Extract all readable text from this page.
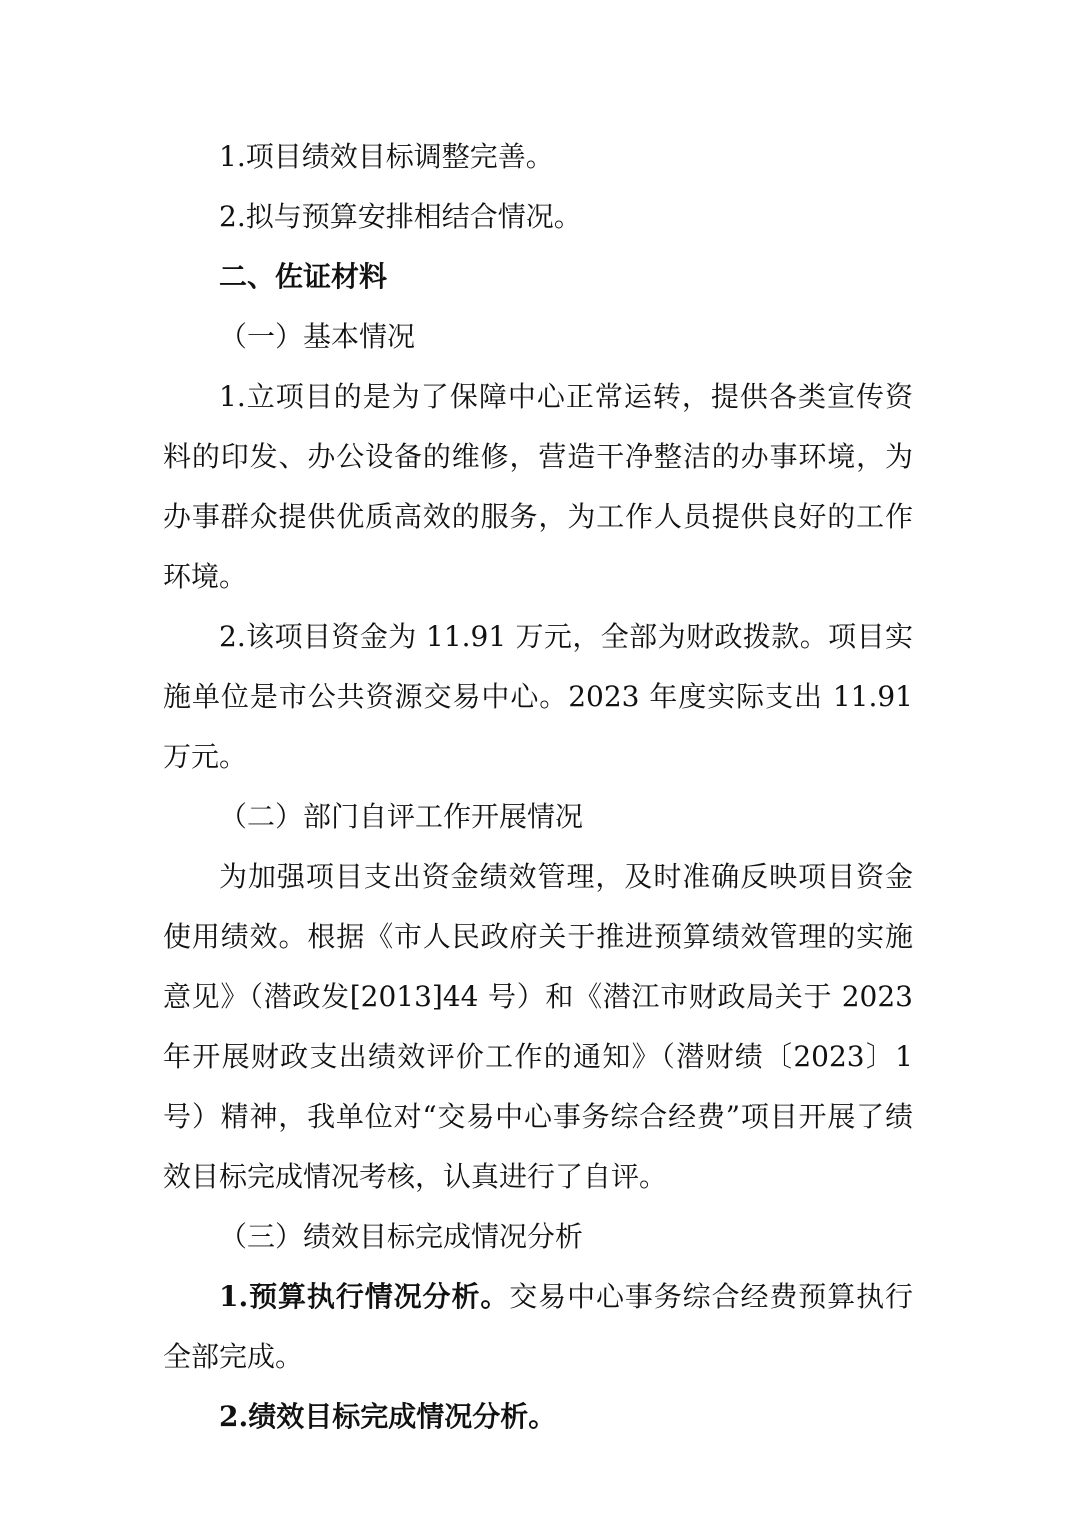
1.项目绩效目标调整完善。

2.拟与预算安排相结合情况。

二、佐证材料

（一）基本情况

1.立项目的是为了保障中心正常运转，提供各类宣传资料的印发、办公设备的维修，营造干净整洁的办事环境，为办事群众提供优质高效的服务，为工作人员提供良好的工作环境。

2.该项目资金为 11.91 万元，全部为财政拨款。项目实施单位是市公共资源交易中心。2023 年度实际支出 11.91 万元。

（二）部门自评工作开展情况

为加强项目支出资金绩效管理，及时准确反映项目资金使用绩效。根据《市人民政府关于推进预算绩效管理的实施意见》（潜政发[2013]44 号）和《潜江市财政局关于 2023 年开展财政支出绩效评价工作的通知》（潜财绩〔2023〕1 号）精神，我单位对“交易中心事务综合经费”项目开展了绩效目标完成情况考核，认真进行了自评。

（三）绩效目标完成情况分析

1.预算执行情况分析。交易中心事务综合经费预算执行全部完成。

2.绩效目标完成情况分析。
